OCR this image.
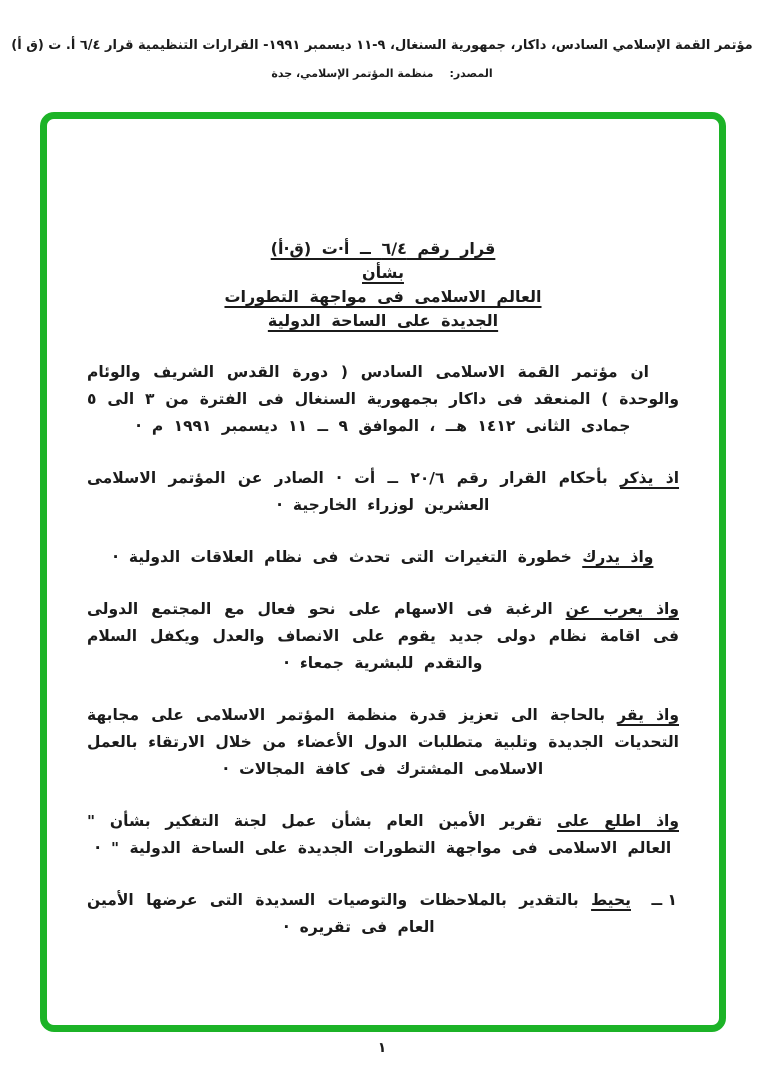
مؤتمر القمة الإسلامي السادس، داكار، جمهورية السنغال، ٩-١١ ديسمبر ١٩٩١- القرارات التنظيمية قرار ٦/٤ أ. ت (ق أ)
المصدر:منظمة المؤتمر الإسلامي، جدة
قرار رقم ٦/٤ ــ أ·ت (ق·أ)
بشأن
العالم الاسلامى فى مواجهة التطورات
الجديدة على الساحة الدولية

ان مؤتمر القمة الاسلامى السادس ( دورة القدس الشريف والوئام والوحدة ) المنعقد فى داكار بجمهورية السنغال فى الفترة من ٣ الى ٥ جمادى الثانى ١٤١٢ هــ ، الموافق ٩ ــ ١١ ديسمبر ١٩٩١ م ·

اذ يذكر بأحكام القرار رقم ٢٠/٦ ــ أت · الصادر عن المؤتمر الاسلامى العشرين لوزراء الخارجية ·

واذ يدرك خطورة التغيرات التى تحدث فى نظام العلاقات الدولية ·

واذ يعرب عن الرغبة فى الاسهام على نحو فعال مع المجتمع الدولى فى اقامة نظام دولى جديد يقوم على الانصاف والعدل ويكفل السلام والتقدم للبشرية جمعاء ·

واذ يقر بالحاجة الى تعزيز قدرة منظمة المؤتمر الاسلامى على مجابهة التحديات الجديدة وتلبية متطلبات الدول الأعضاء من خلال الارتقاء بالعمل الاسلامى المشترك فى كافة المجالات ·

واذ اطلع على تقرير الأمين العام بشأن عمل لجنة التفكير بشأن " العالم الاسلامى فى مواجهة التطورات الجديدة على الساحة الدولية " ·

١ ــ

يحيط بالتقدير بالملاحظات والتوصيات السديدة التى عرضها الأمين العام فى تقريره ·

١
